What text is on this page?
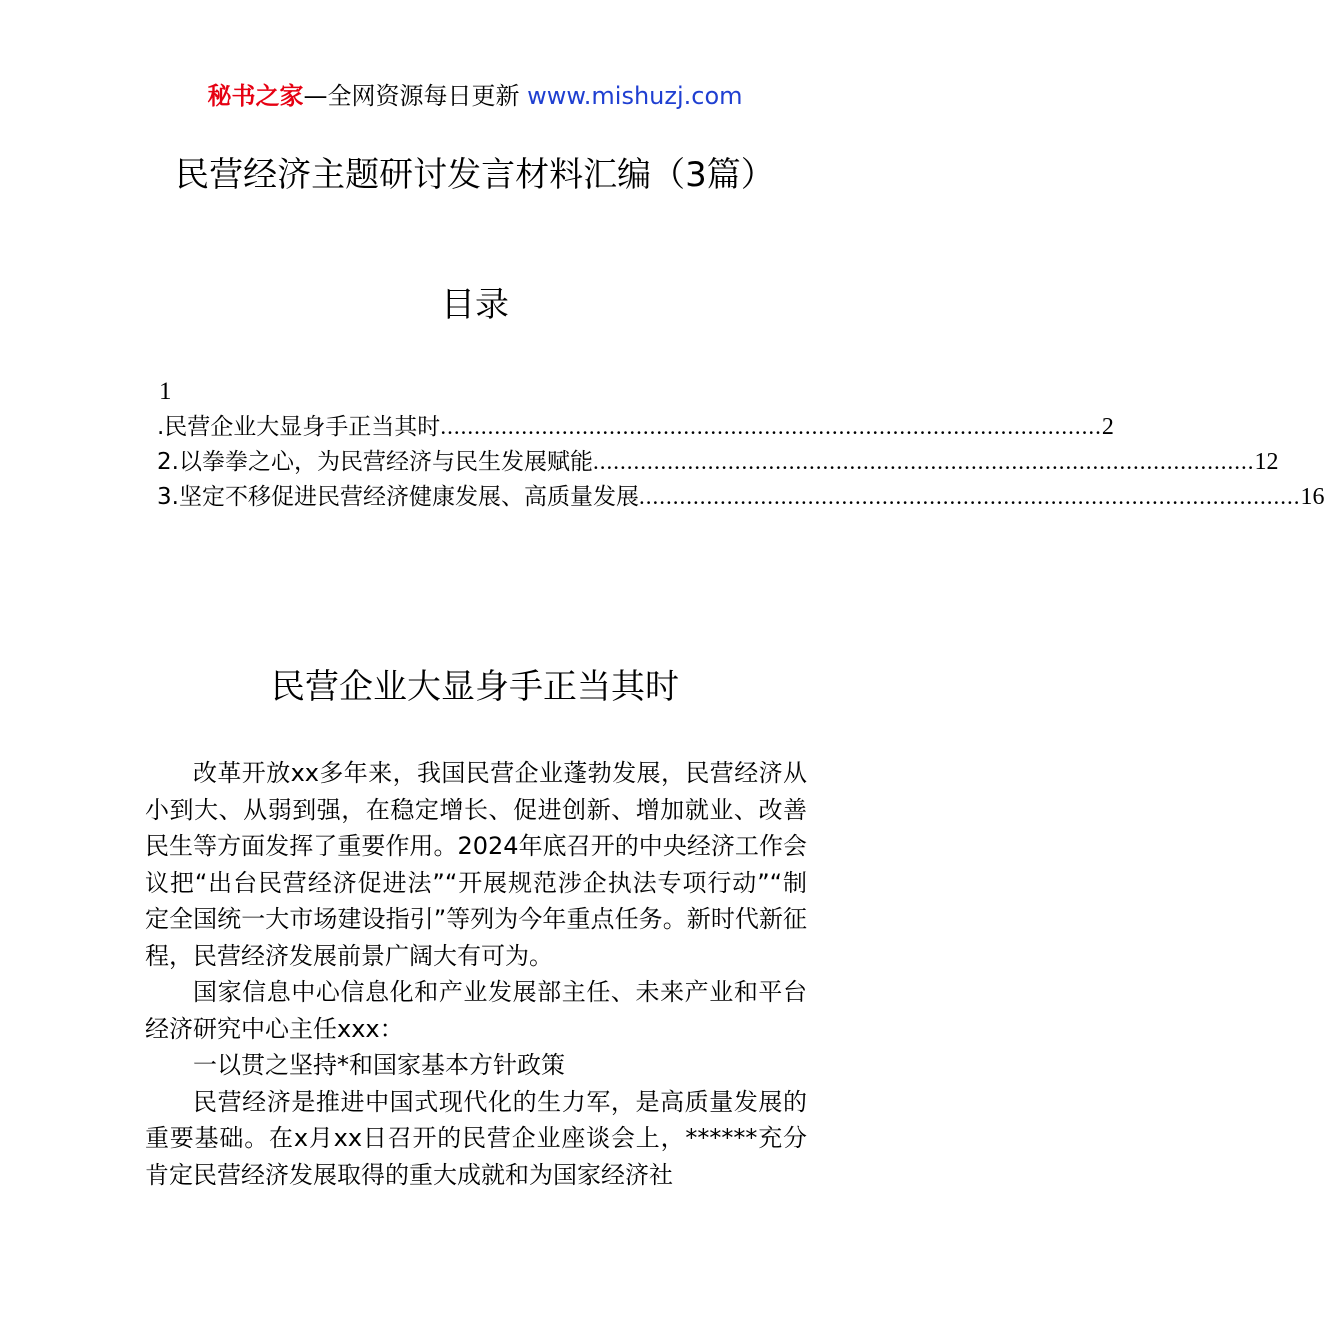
秘书之家—全网资源每日更新 www.mishuzj.com
民营经济主题研讨发言材料汇编（3篇）
目录
1
.民营企业大显身手正当其时 .................................................................................................. 2
2.以拳拳之心，为民营经济与民生发展赋能 .................................................................................................. 12
3.坚定不移促进民营经济健康发展、高质量发展 .................................................................................................. 16
民营企业大显身手正当其时

改革开放xx多年来，我国民营企业蓬勃发展，民营经济从小到大、从弱到强，在稳定增长、促进创新、增加就业、改善民生等方面发挥了重要作用。2024年底召开的中央经济工作会议把“出台民营经济促进法”“开展规范涉企执法专项行动”“制定全国统一大市场建设指引”等列为今年重点任务。新时代新征程，民营经济发展前景广阔大有可为。

国家信息中心信息化和产业发展部主任、未来产业和平台经济研究中心主任xxx：

一以贯之坚持*和国家基本方针政策

民营经济是推进中国式现代化的生力军，是高质量发展的重要基础。在x月xx日召开的民营企业座谈会上，******充分肯定民营经济发展取得的重大成就和为国家经济社
